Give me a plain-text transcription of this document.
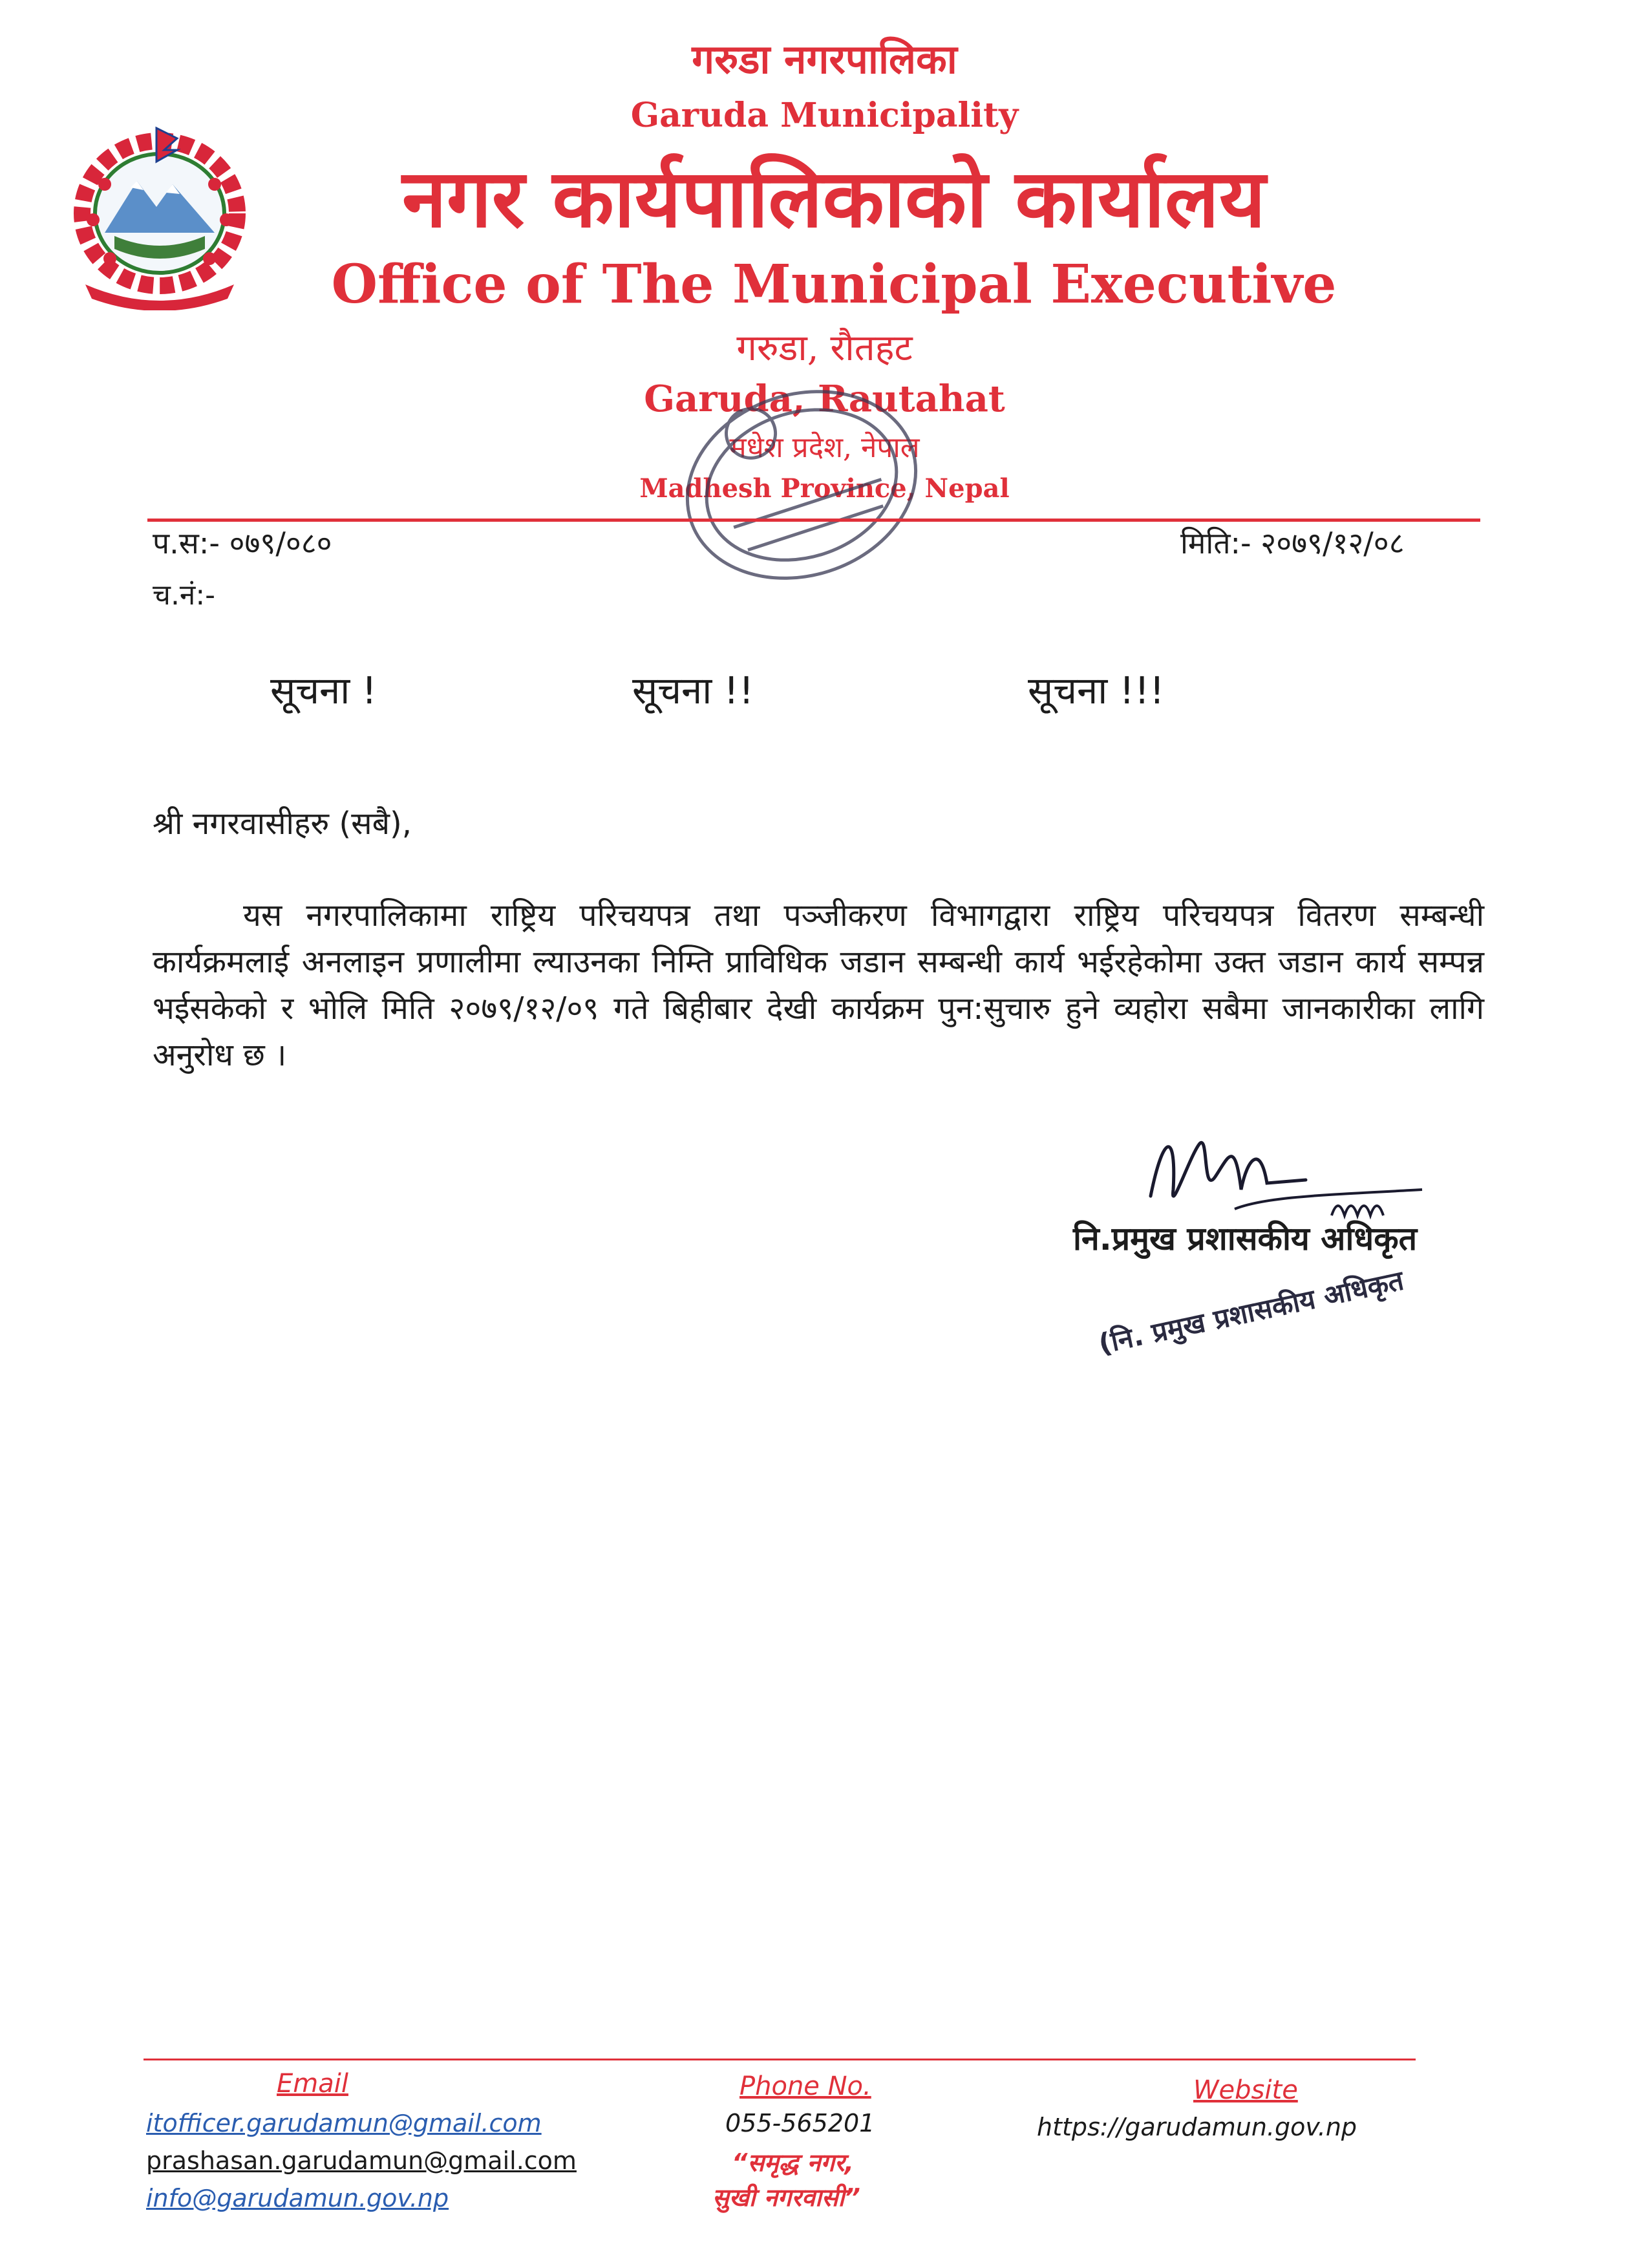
गरुडा नगरपालिका
Garuda Municipality
नगर कार्यपालिकाको कार्यालय
Office of The Municipal Executive
गरुडा, रौतहट
Garuda, Rautahat
मधेश प्रदेश, नेपाल
Madhesh Province, Nepal
प.स:- ०७९/०८०	मिति:- २०७९/१२/०८
च.नं:-
सूचना !	सूचना !!	सूचना !!!
श्री नगरवासीहरु (सबै),
यस नगरपालिकामा राष्ट्रिय परिचयपत्र तथा पञ्जीकरण विभागद्वारा राष्ट्रिय परिचयपत्र वितरण सम्बन्धी कार्यक्रमलाई अनलाइन प्रणालीमा ल्याउनका निम्ति प्राविधिक जडान सम्बन्धी कार्य भईरहेकोमा उक्त जडान कार्य सम्पन्न भईसकेको र भोलि मिति २०७९/१२/०९ गते बिहीबार देखी कार्यक्रम पुन:सुचारु हुने व्यहोरा सबैमा जानकारीका लागि अनुरोध छ ।
नि.प्रमुख प्रशासकीय अधिकृत
(नि. प्रमुख प्रशासकीय अधिकृत
Email
itofficer.garudamun@gmail.com
prashasan.garudamun@gmail.com
info@garudamun.gov.np
Phone No.
055-565201
“समृद्ध नगर,
सुखी नगरवासी”
Website
https://garudamun.gov.np
